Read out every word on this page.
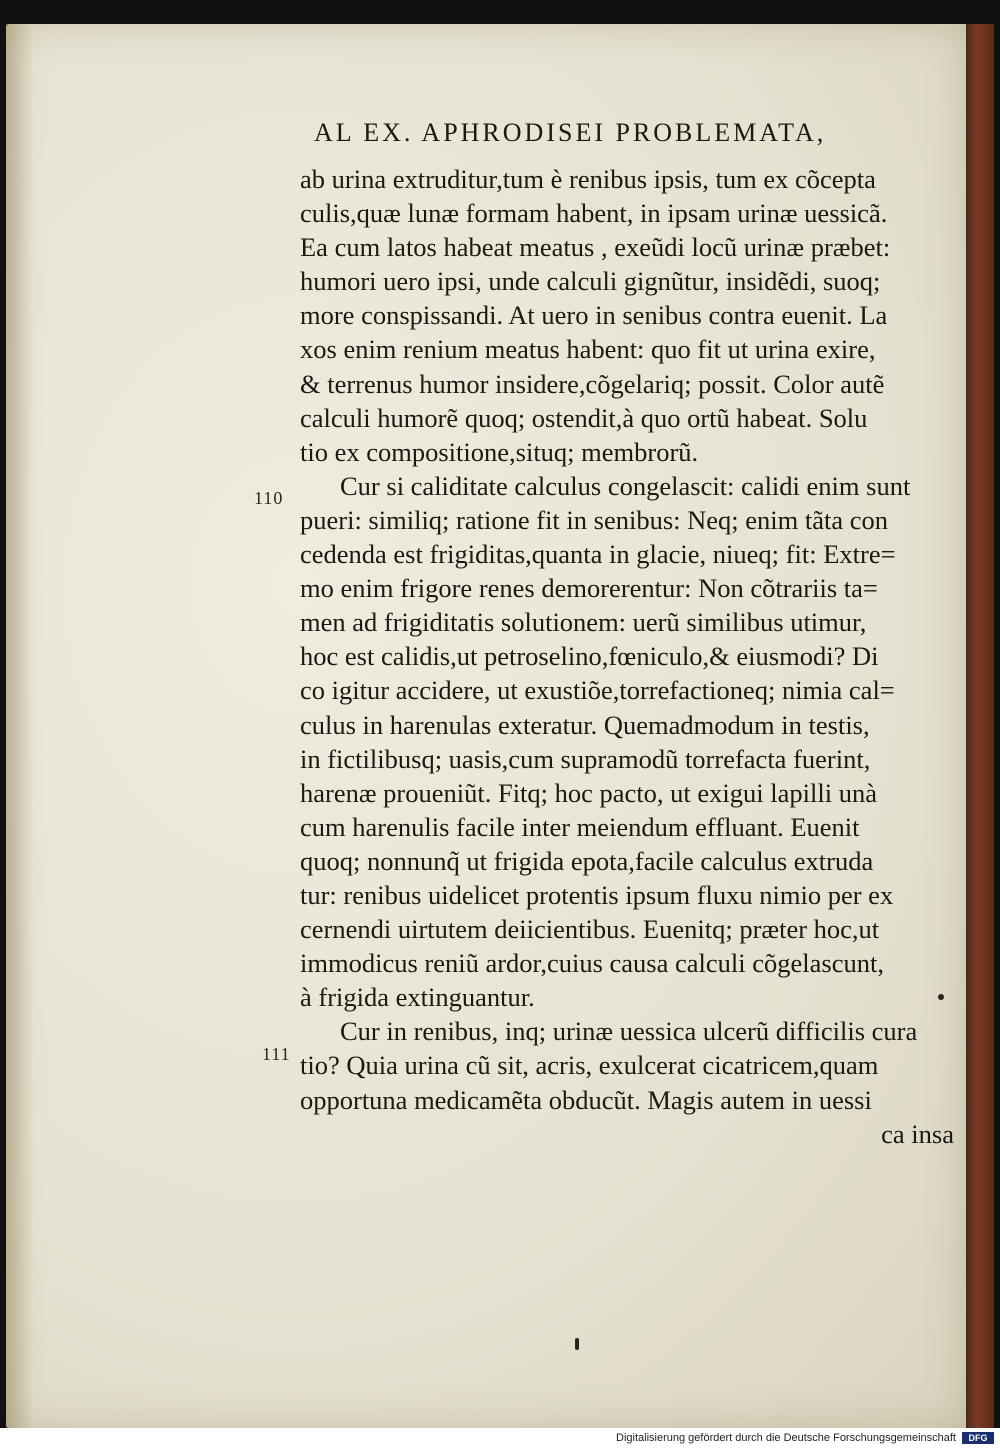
AL EX. APHRODISEI PROBLEMATA,
110
111
ab urina extruditur,tum è renibus ipsis, tum ex cõcepta
culis,quæ lunæ formam habent, in ipsam urinæ uessicã.
Ea cum latos habeat meatus , exeũdi locũ urinæ præbet:
humori uero ipsi, unde calculi gignũtur, insidẽdi, suoq;
more conspissandi. At uero in senibus contra euenit. La
xos enim renium meatus habent: quo fit ut urina exire,
& terrenus humor insidere,cõgelariq; possit. Color autẽ
calculi humorẽ quoq; ostendit,à quo ortũ habeat. Solu
tio ex compositione,situq; membrorũ.
Cur si caliditate calculus congelascit: calidi enim sunt
pueri: similiq; ratione fit in senibus: Neq; enim tãta con
cedenda est frigiditas,quanta in glacie, niueq; fit: Extre=
mo enim frigore renes demorerentur: Non cõtrariis ta=
men ad frigiditatis solutionem: uerũ similibus utimur,
hoc est calidis,ut petroselino,fœniculo,& eiusmodi? Di
co igitur accidere, ut exustiõe,torrefactioneq; nimia cal=
culus in harenulas exteratur. Quemadmodum in testis,
in fictilibusq; uasis,cum supramodũ torrefacta fuerint,
harenæ proueniũt. Fitq; hoc pacto, ut exigui lapilli unà
cum harenulis facile inter meiendum effluant. Euenit
quoq; nonnunq̃ ut frigida epota,facile calculus extruda
tur: renibus uidelicet protentis ipsum fluxu nimio per ex
cernendi uirtutem deiicientibus. Euenitq; præter hoc,ut
immodicus reniũ ardor,cuius causa calculi cõgelascunt,
à frigida extinguantur.
Cur in renibus, inq; urinæ uessica ulcerũ difficilis cura
tio? Quia urina cũ sit, acris, exulcerat cicatricem,quam
opportuna medicamẽta obducũt. Magis autem in uessi
ca insa
Digitalisierung gefördert durch die Deutsche Forschungsgemeinschaft	DFG
